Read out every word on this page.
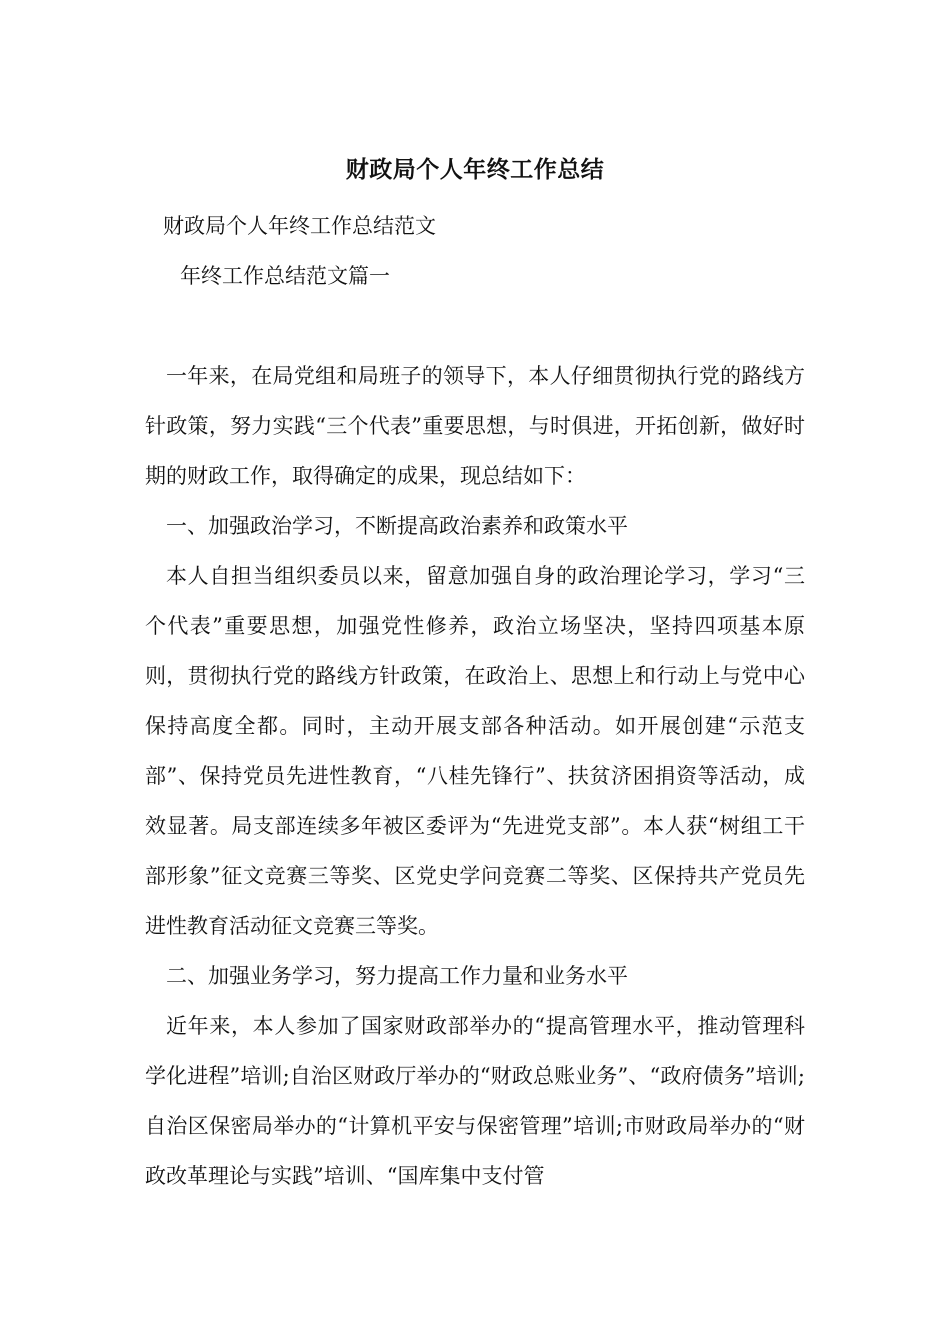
财政局个人年终工作总结
财政局个人年终工作总结范文
年终工作总结范文篇一

一年来，在局党组和局班子的领导下，本人仔细贯彻执行党的路线方针政策，努力实践“三个代表”重要思想，与时俱进，开拓创新，做好时期的财政工作，取得确定的成果，现总结如下：

一、加强政治学习，不断提高政治素养和政策水平

本人自担当组织委员以来，留意加强自身的政治理论学习，学习“三个代表”重要思想，加强党性修养，政治立场坚决，坚持四项基本原则，贯彻执行党的路线方针政策，在政治上、思想上和行动上与党中心保持高度全都。同时，主动开展支部各种活动。如开展创建“示范支部”、保持党员先进性教育，“八桂先锋行”、扶贫济困捐资等活动，成效显著。局支部连续多年被区委评为“先进党支部”。本人获“树组工干部形象”征文竞赛三等奖、区党史学问竞赛二等奖、区保持共产党员先进性教育活动征文竞赛三等奖。

二、加强业务学习，努力提高工作力量和业务水平

近年来，本人参加了国家财政部举办的“提高管理水平，推动管理科学化进程”培训;自治区财政厅举办的“财政总账业务”、“政府债务”培训;自治区保密局举办的“计算机平安与保密管理”培训;市财政局举办的“财政改革理论与实践”培训、“国库集中支付管
